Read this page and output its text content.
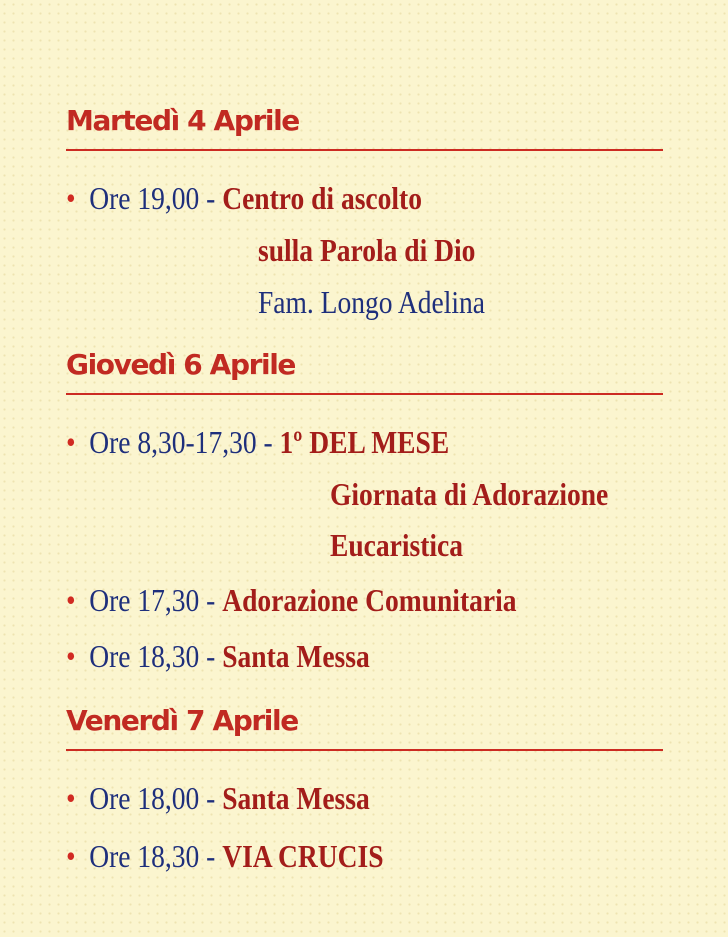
Martedì 4 Aprile
• Ore 19,00 - Centro di ascolto
sulla Parola di Dio
Fam. Longo Adelina
Giovedì 6 Aprile
• Ore 8,30-17,30 - 1º DEL MESE
Giornata di Adorazione
Eucaristica
• Ore 17,30 - Adorazione Comunitaria
• Ore 18,30 - Santa Messa
Venerdì 7 Aprile
• Ore 18,00 - Santa Messa
• Ore 18,30 - VIA CRUCIS
